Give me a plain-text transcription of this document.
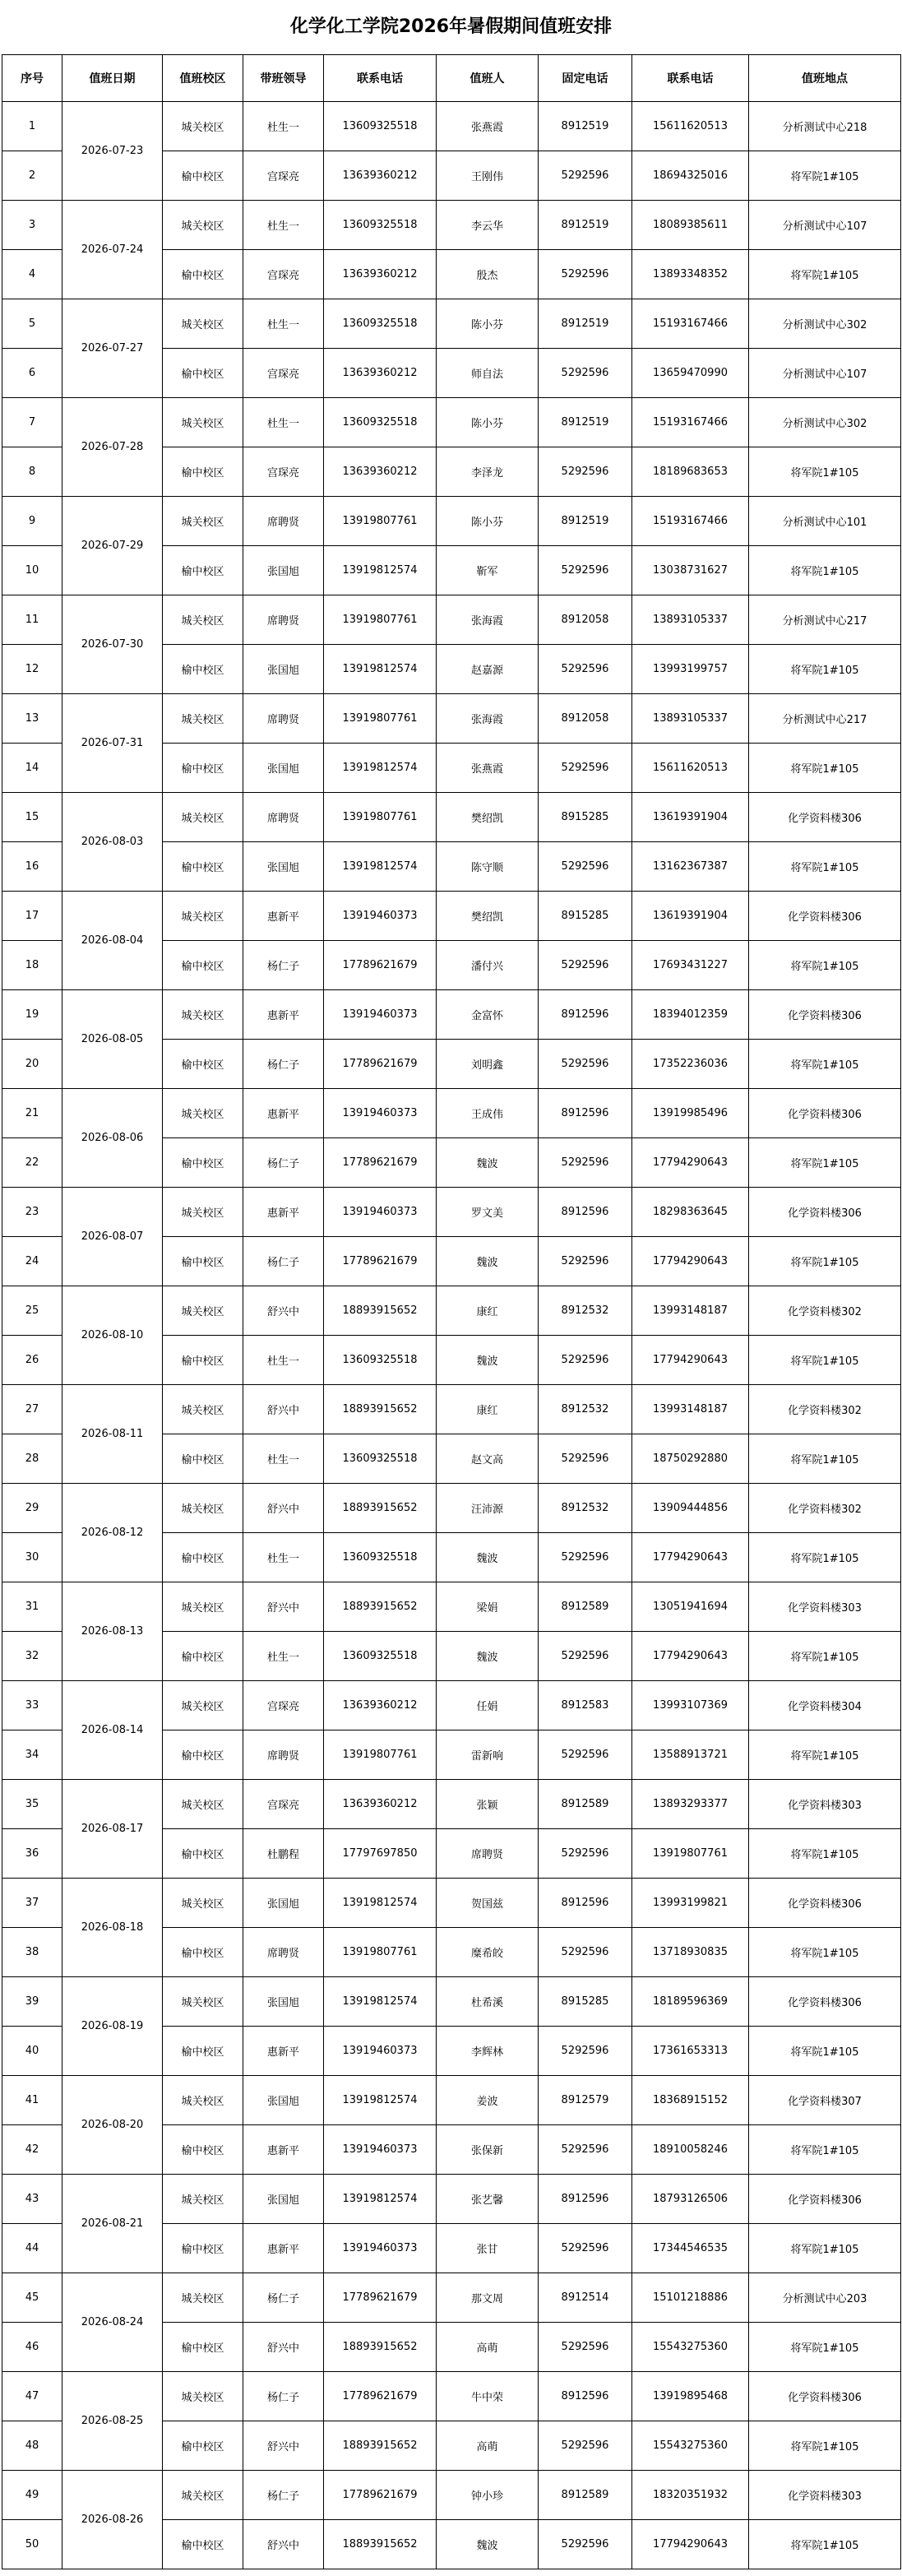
化学化工学院2026年暑假期间值班安排
序号	值班日期	值班校区	带班领导	联系电话	值班人	固定电话	联系电话	值班地点
1	2026-07-23	城关校区	杜生一	13609325518	张燕霞	8912519	15611620513	分析测试中心218
2		榆中校区	宫琛亮	13639360212	王刚伟	5292596	18694325016	将军院1#105
3	2026-07-24	城关校区	杜生一	13609325518	李云华	8912519	18089385611	分析测试中心107
4		榆中校区	宫琛亮	13639360212	殷杰	5292596	13893348352	将军院1#105
5	2026-07-27	城关校区	杜生一	13609325518	陈小芬	8912519	15193167466	分析测试中心302
6		榆中校区	宫琛亮	13639360212	师自法	5292596	13659470990	分析测试中心107
7	2026-07-28	城关校区	杜生一	13609325518	陈小芬	8912519	15193167466	分析测试中心302
8		榆中校区	宫琛亮	13639360212	李泽龙	5292596	18189683653	将军院1#105
9	2026-07-29	城关校区	席聘贤	13919807761	陈小芬	8912519	15193167466	分析测试中心101
10		榆中校区	张国旭	13919812574	靳军	5292596	13038731627	将军院1#105
11	2026-07-30	城关校区	席聘贤	13919807761	张海霞	8912058	13893105337	分析测试中心217
12		榆中校区	张国旭	13919812574	赵嘉源	5292596	13993199757	将军院1#105
13	2026-07-31	城关校区	席聘贤	13919807761	张海霞	8912058	13893105337	分析测试中心217
14		榆中校区	张国旭	13919812574	张燕霞	5292596	15611620513	将军院1#105
15	2026-08-03	城关校区	席聘贤	13919807761	樊绍凯	8915285	13619391904	化学资料楼306
16		榆中校区	张国旭	13919812574	陈守顺	5292596	13162367387	将军院1#105
17	2026-08-04	城关校区	惠新平	13919460373	樊绍凯	8915285	13619391904	化学资料楼306
18		榆中校区	杨仁子	17789621679	潘付兴	5292596	17693431227	将军院1#105
19	2026-08-05	城关校区	惠新平	13919460373	金富怀	8912596	18394012359	化学资料楼306
20		榆中校区	杨仁子	17789621679	刘明鑫	5292596	17352236036	将军院1#105
21	2026-08-06	城关校区	惠新平	13919460373	王成伟	8912596	13919985496	化学资料楼306
22		榆中校区	杨仁子	17789621679	魏波	5292596	17794290643	将军院1#105
23	2026-08-07	城关校区	惠新平	13919460373	罗文美	8912596	18298363645	化学资料楼306
24		榆中校区	杨仁子	17789621679	魏波	5292596	17794290643	将军院1#105
25	2026-08-10	城关校区	舒兴中	18893915652	康红	8912532	13993148187	化学资料楼302
26		榆中校区	杜生一	13609325518	魏波	5292596	17794290643	将军院1#105
27	2026-08-11	城关校区	舒兴中	18893915652	康红	8912532	13993148187	化学资料楼302
28		榆中校区	杜生一	13609325518	赵文高	5292596	18750292880	将军院1#105
29	2026-08-12	城关校区	舒兴中	18893915652	汪沛源	8912532	13909444856	化学资料楼302
30		榆中校区	杜生一	13609325518	魏波	5292596	17794290643	将军院1#105
31	2026-08-13	城关校区	舒兴中	18893915652	梁娟	8912589	13051941694	化学资料楼303
32		榆中校区	杜生一	13609325518	魏波	5292596	17794290643	将军院1#105
33	2026-08-14	城关校区	宫琛亮	13639360212	任娟	8912583	13993107369	化学资料楼304
34		榆中校区	席聘贤	13919807761	雷新响	5292596	13588913721	将军院1#105
35	2026-08-17	城关校区	宫琛亮	13639360212	张颖	8912589	13893293377	化学资料楼303
36		榆中校区	杜鹏程	17797697850	席聘贤	5292596	13919807761	将军院1#105
37	2026-08-18	城关校区	张国旭	13919812574	贺国兹	8912596	13993199821	化学资料楼306
38		榆中校区	席聘贤	13919807761	糜希皎	5292596	13718930835	将军院1#105
39	2026-08-19	城关校区	张国旭	13919812574	杜希溪	8915285	18189596369	化学资料楼306
40		榆中校区	惠新平	13919460373	李辉林	5292596	17361653313	将军院1#105
41	2026-08-20	城关校区	张国旭	13919812574	姜波	8912579	18368915152	化学资料楼307
42		榆中校区	惠新平	13919460373	张保新	5292596	18910058246	将军院1#105
43	2026-08-21	城关校区	张国旭	13919812574	张艺馨	8912596	18793126506	化学资料楼306
44		榆中校区	惠新平	13919460373	张甘	5292596	17344546535	将军院1#105
45	2026-08-24	城关校区	杨仁子	17789621679	那文周	8912514	15101218886	分析测试中心203
46		榆中校区	舒兴中	18893915652	高萌	5292596	15543275360	将军院1#105
47	2026-08-25	城关校区	杨仁子	17789621679	牛中荣	8912596	13919895468	化学资料楼306
48		榆中校区	舒兴中	18893915652	高萌	5292596	15543275360	将军院1#105
49	2026-08-26	城关校区	杨仁子	17789621679	钟小珍	8912589	18320351932	化学资料楼303
50		榆中校区	舒兴中	18893915652	魏波	5292596	17794290643	将军院1#105
